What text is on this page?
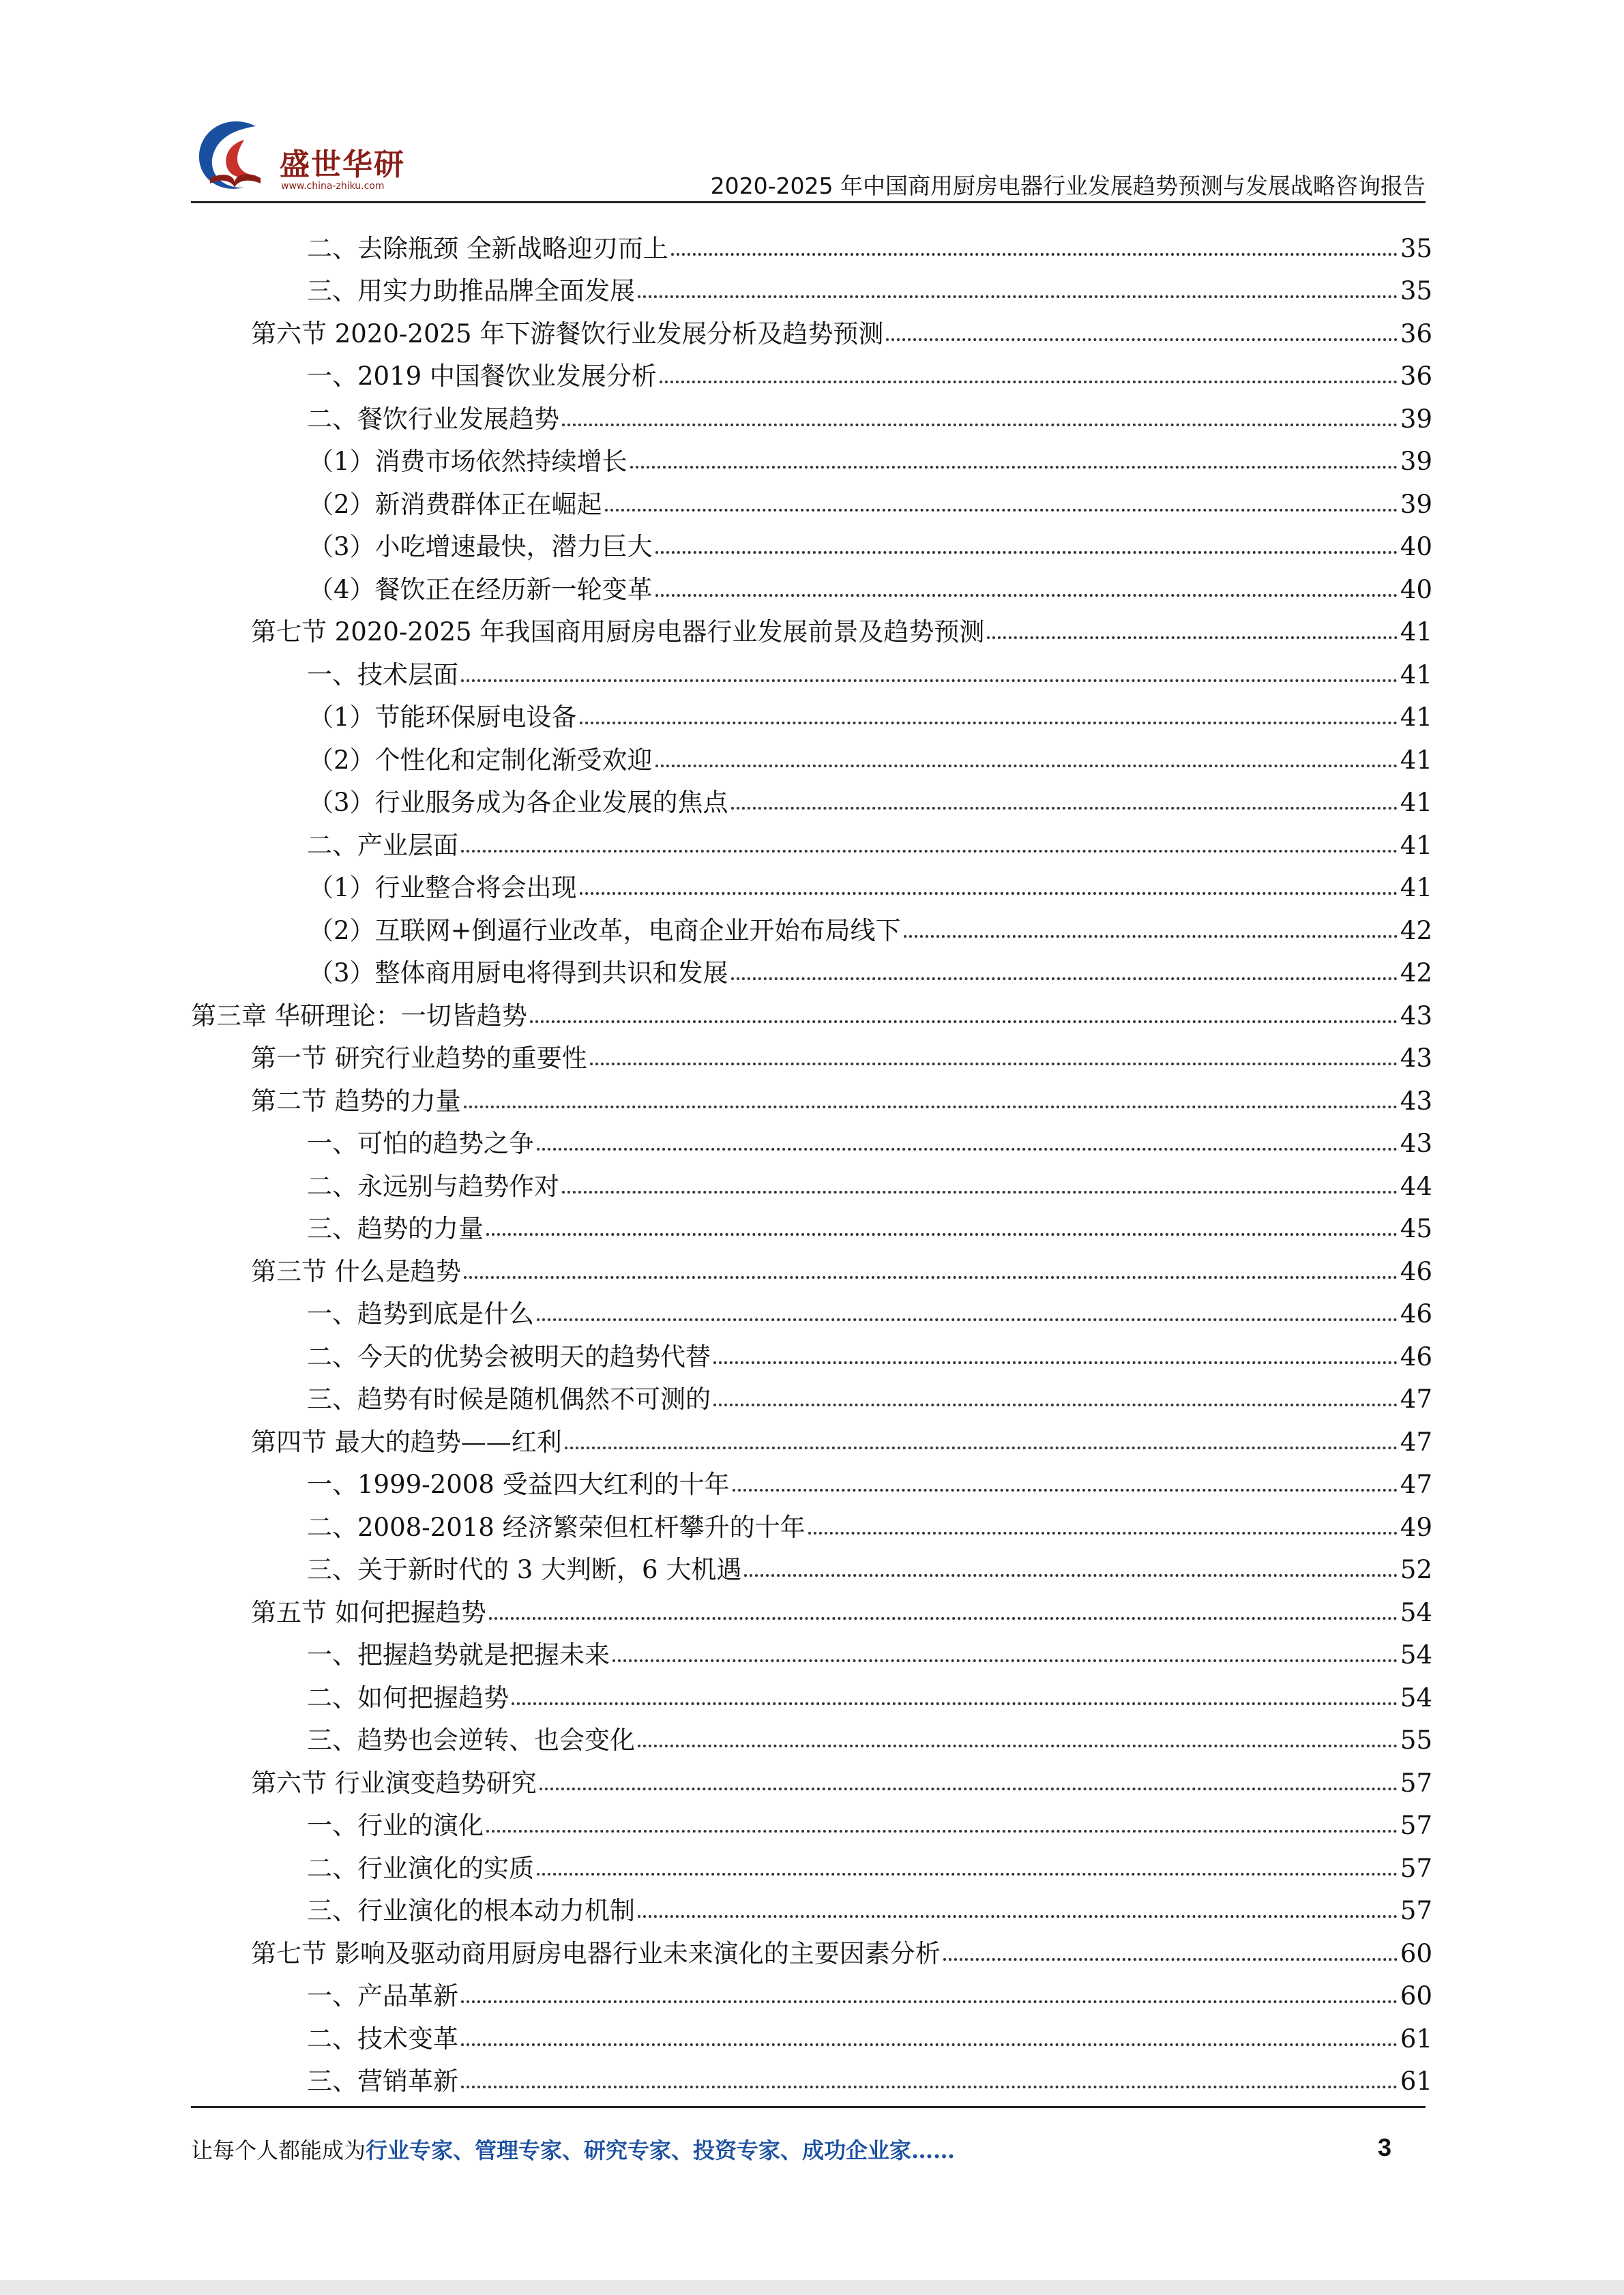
盛世华研
www.china-zhiku.com	2020-2025 年中国商用厨房电器行业发展趋势预测与发展战略咨询报告
二、去除瓶颈 全新战略迎刃而上	35
三、用实力助推品牌全面发展	35
第六节 2020-2025 年下游餐饮行业发展分析及趋势预测	36
一、2019 中国餐饮业发展分析	36
二、餐饮行业发展趋势	39
（1）消费市场依然持续增长	39
（2）新消费群体正在崛起	39
（3）小吃增速最快，潜力巨大	40
（4）餐饮正在经历新一轮变革	40
第七节 2020-2025 年我国商用厨房电器行业发展前景及趋势预测	41
一、技术层面	41
（1）节能环保厨电设备	41
（2）个性化和定制化渐受欢迎	41
（3）行业服务成为各企业发展的焦点	41
二、产业层面	41
（1）行业整合将会出现	41
（2）互联网+倒逼行业改革，电商企业开始布局线下	42
（3）整体商用厨电将得到共识和发展	42
第三章 华研理论：一切皆趋势	43
第一节 研究行业趋势的重要性	43
第二节 趋势的力量	43
一、可怕的趋势之争	43
二、永远别与趋势作对	44
三、趋势的力量	45
第三节 什么是趋势	46
一、趋势到底是什么	46
二、今天的优势会被明天的趋势代替	46
三、趋势有时候是随机偶然不可测的	47
第四节 最大的趋势——红利	47
一、1999-2008 受益四大红利的十年	47
二、2008-2018 经济繁荣但杠杆攀升的十年	49
三、关于新时代的 3 大判断，6 大机遇	52
第五节 如何把握趋势	54
一、把握趋势就是把握未来	54
二、如何把握趋势	54
三、趋势也会逆转、也会变化	55
第六节 行业演变趋势研究	57
一、行业的演化	57
二、行业演化的实质	57
三、行业演化的根本动力机制	57
第七节 影响及驱动商用厨房电器行业未来演化的主要因素分析	60
一、产品革新	60
二、技术变革	61
三、营销革新	61
让每个人都能成为行业专家、管理专家、研究专家、投资专家、成功企业家……	3
